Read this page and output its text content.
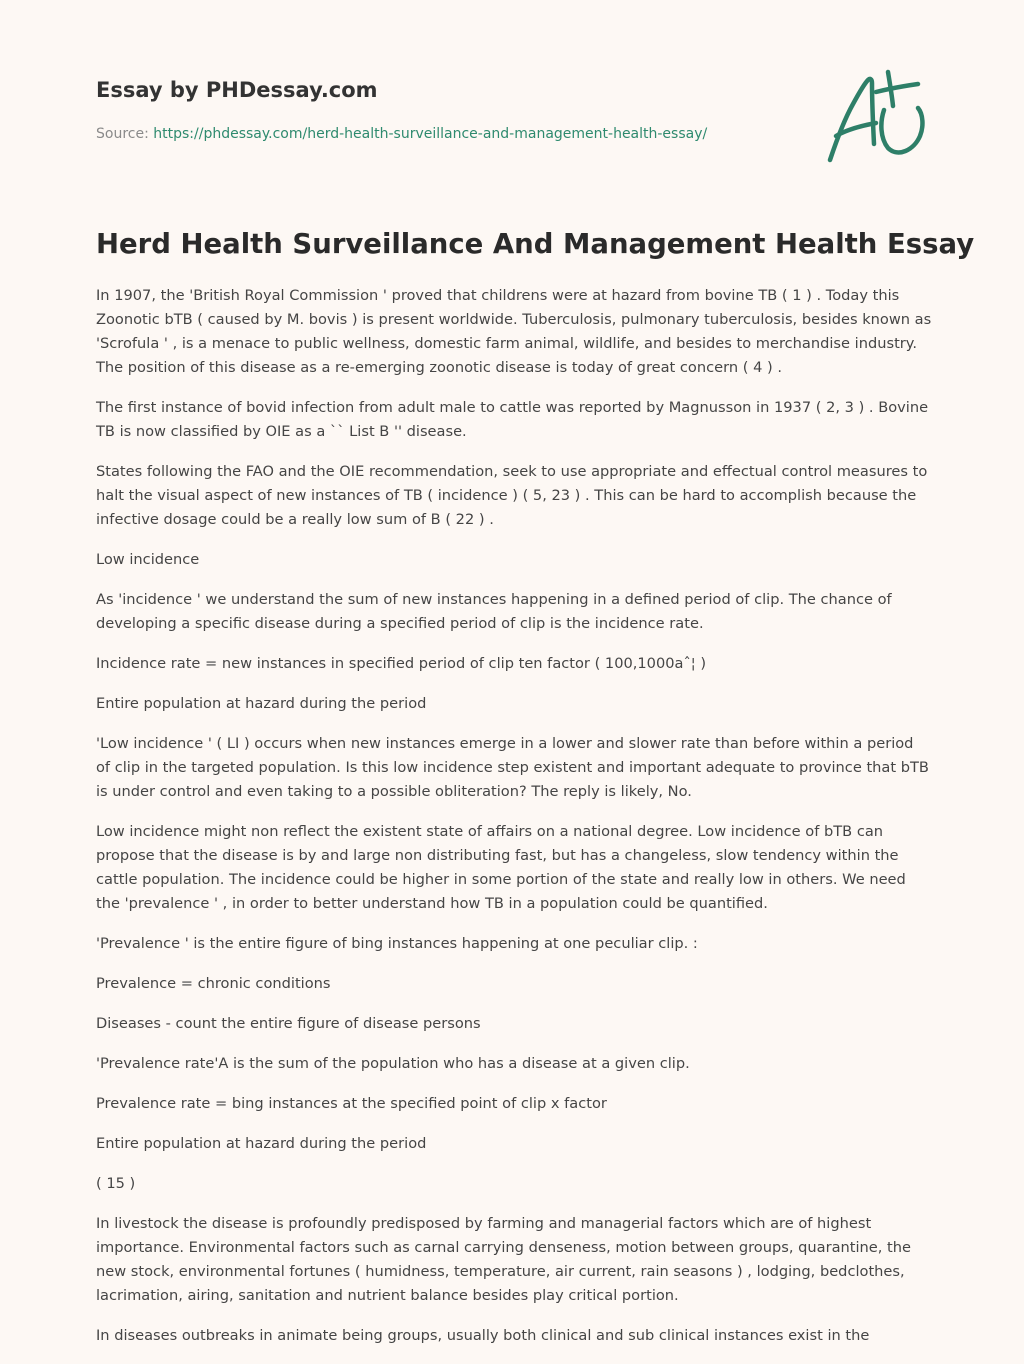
Essay by PHDessay.com
Source: https://phdessay.com/herd-health-surveillance-and-management-health-essay/
Herd Health Surveillance And Management Health Essay

In 1907, the 'British Royal Commission ' proved that childrens were at hazard from bovine TB ( 1 ) . Today this Zoonotic bTB ( caused by M. bovis ) is present worldwide. Tuberculosis, pulmonary tuberculosis, besides known as 'Scrofula ' , is a menace to public wellness, domestic farm animal, wildlife, and besides to merchandise industry. The position of this disease as a re-emerging zoonotic disease is today of great concern ( 4 ) .

The first instance of bovid infection from adult male to cattle was reported by Magnusson in 1937 ( 2, 3 ) . Bovine TB is now classified by OIE as a `` List B '' disease.

States following the FAO and the OIE recommendation, seek to use appropriate and effectual control measures to halt the visual aspect of new instances of TB ( incidence ) ( 5, 23 ) . This can be hard to accomplish because the infective dosage could be a really low sum of B ( 22 ) .

Low incidence

As 'incidence ' we understand the sum of new instances happening in a defined period of clip. The chance of developing a specific disease during a specified period of clip is the incidence rate.

Incidence rate = new instances in specified period of clip ten factor ( 100,1000aˆ¦ )

Entire population at hazard during the period

'Low incidence ' ( LI ) occurs when new instances emerge in a lower and slower rate than before within a period of clip in the targeted population. Is this low incidence step existent and important adequate to province that bTB is under control and even taking to a possible obliteration? The reply is likely, No.

Low incidence might non reflect the existent state of affairs on a national degree. Low incidence of bTB can propose that the disease is by and large non distributing fast, but has a changeless, slow tendency within the cattle population. The incidence could be higher in some portion of the state and really low in others. We need the 'prevalence ' , in order to better understand how TB in a population could be quantified.

'Prevalence ' is the entire figure of bing instances happening at one peculiar clip. :

Prevalence = chronic conditions

Diseases - count the entire figure of disease persons

'Prevalence rate'A is the sum of the population who has a disease at a given clip.

Prevalence rate = bing instances at the specified point of clip x factor

Entire population at hazard during the period

( 15 )

In livestock the disease is profoundly predisposed by farming and managerial factors which are of highest importance. Environmental factors such as carnal carrying denseness, motion between groups, quarantine, the new stock, environmental fortunes ( humidness, temperature, air current, rain seasons ) , lodging, bedclothes, lacrimation, airing, sanitation and nutrient balance besides play critical portion.

In diseases outbreaks in animate being groups, usually both clinical and sub clinical instances exist in the
